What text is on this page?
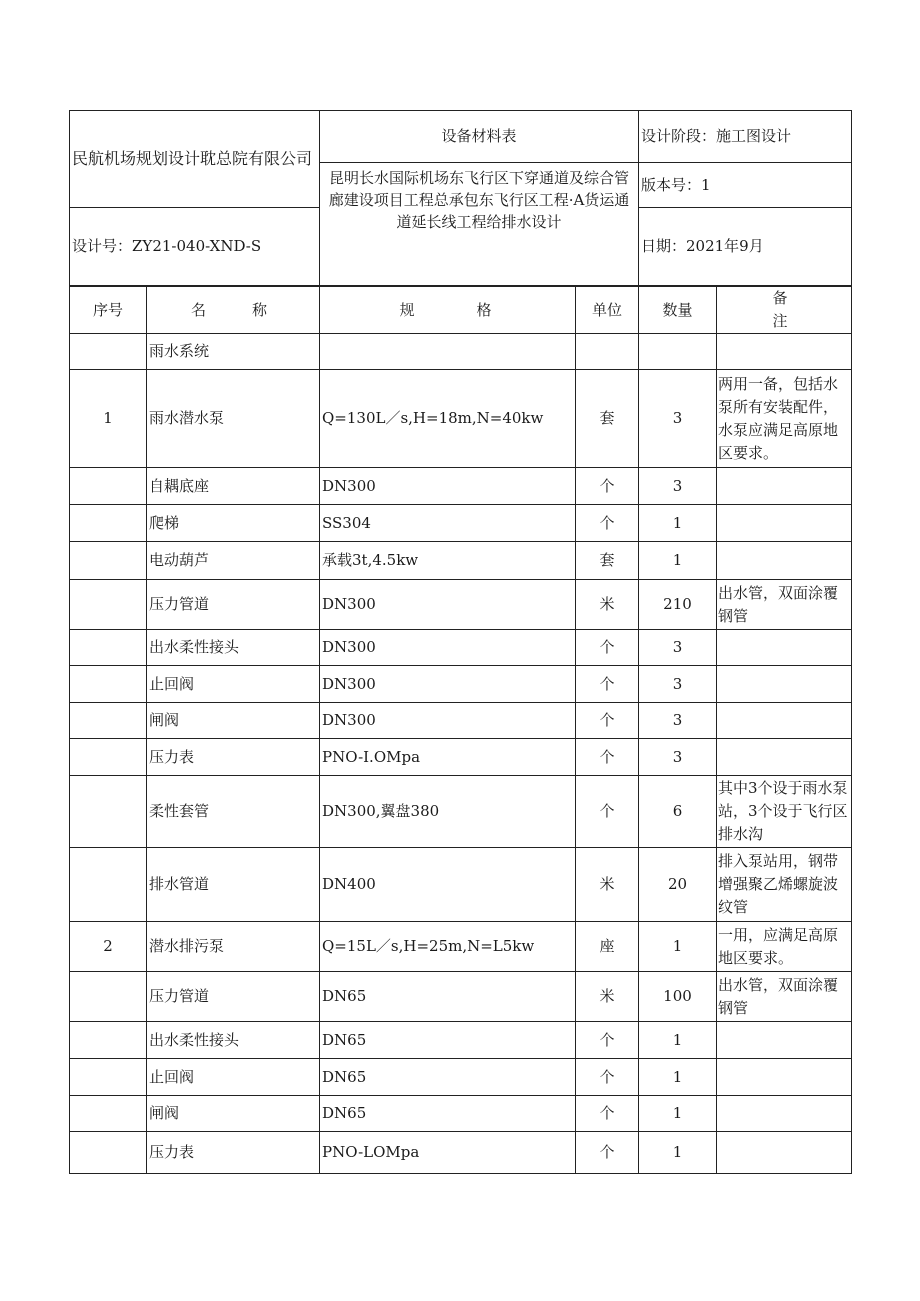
民航机场规划设计耽总院有限公司	设备材料表	设计阶段：施工图设计
	昆明长水国际机场东飞行区下穿通道及综合管廊建设项目工程总承包东飞行区工程·A货运通道延长线工程给排水设计	版本号：1
设计号：ZY21-040-XND-S		日期：2021年9月
序号	名称	规格	单位	数量	备注
	雨水系统				
1	雨水潜水泵	Q=130L／s,H=18m,N=40kw	套	3	两用一备，包括水泵所有安装配件，水泵应满足高原地区要求。
	自耦底座	DN300	个	3	
	爬梯	SS304	个	1	
	电动葫芦	承载3t,4.5kw	套	1	
	压力管道	DN300	米	210	出水管，双面涂覆钢管
	出水柔性接头	DN300	个	3	
	止回阀	DN300	个	3	
	闸阀	DN300	个	3	
	压力表	PNO-I.OMpa	个	3	
	柔性套管	DN300,翼盘380	个	6	其中3个设于雨水泵站，3个设于飞行区排水沟
	排水管道	DN400	米	20	排入泵站用，钢带增强聚乙烯螺旋波纹管
2	潜水排污泵	Q=15L／s,H=25m,N=L5kw	座	1	一用，应满足高原地区要求。
	压力管道	DN65	米	100	出水管，双面涂覆钢管
	出水柔性接头	DN65	个	1	
	止回阀	DN65	个	1	
	闸阀	DN65	个	1	
	压力表	PNO-LOMpa	个	1	
